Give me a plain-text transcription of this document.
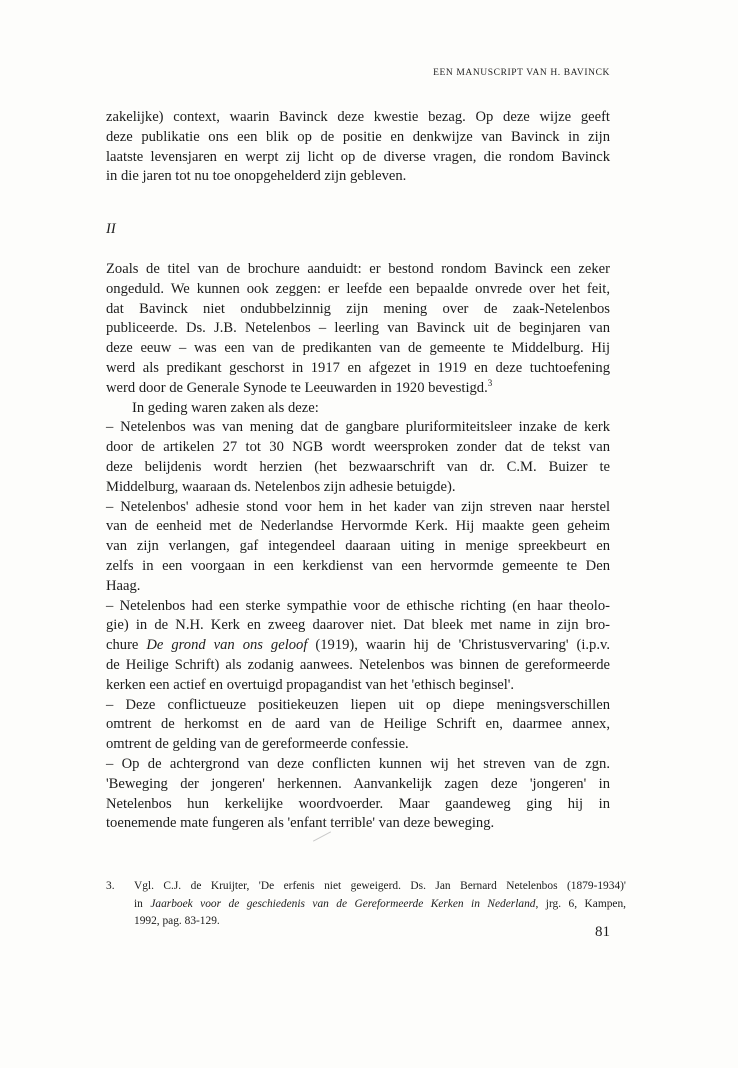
EEN MANUSCRIPT VAN H. BAVINCK
zakelijke) context, waarin Bavinck deze kwestie bezag. Op deze wijze geeft
deze publikatie ons een blik op de positie en denkwijze van Bavinck in zijn
laatste levensjaren en werpt zij licht op de diverse vragen, die rondom Bavinck
in die jaren tot nu toe onopgehelderd zijn gebleven.
II

Zoals de titel van de brochure aanduidt: er bestond rondom Bavinck een zeker
ongeduld. We kunnen ook zeggen: er leefde een bepaalde onvrede over het feit,
dat Bavinck niet ondubbelzinnig zijn mening over de zaak-Netelenbos
publiceerde. Ds. J.B. Netelenbos – leerling van Bavinck uit de beginjaren van
deze eeuw – was een van de predikanten van de gemeente te Middelburg. Hij
werd als predikant geschorst in 1917 en afgezet in 1919 en deze tuchtoefening
werd door de Generale Synode te Leeuwarden in 1920 bevestigd.$^3$

In geding waren zaken als deze:

– Netelenbos was van mening dat de gangbare pluriformiteitsleer inzake de kerk
door de artikelen 27 tot 30 NGB wordt weersproken zonder dat de tekst van
deze belijdenis wordt herzien (het bezwaarschrift van dr. C.M. Buizer te
Middelburg, waaraan ds. Netelenbos zijn adhesie betuigde).

– Netelenbos' adhesie stond voor hem in het kader van zijn streven naar herstel
van de eenheid met de Nederlandse Hervormde Kerk. Hij maakte geen geheim
van zijn verlangen, gaf integendeel daaraan uiting in menige spreekbeurt en
zelfs in een voorgaan in een kerkdienst van een hervormde gemeente te Den
Haag.

– Netelenbos had een sterke sympathie voor de ethische richting (en haar theolo-
gie) in de N.H. Kerk en zweeg daarover niet. Dat bleek met name in zijn bro-
chure De grond van ons geloof (1919), waarin hij de 'Christusvervaring' (i.p.v.
de Heilige Schrift) als zodanig aanwees. Netelenbos was binnen de gereformeerde
kerken een actief en overtuigd propagandist van het 'ethisch beginsel'.

– Deze conflictueuze positiekeuzen liepen uit op diepe meningsverschillen
omtrent de herkomst en de aard van de Heilige Schrift en, daarmee annex,
omtrent de gelding van de gereformeerde confessie.

– Op de achtergrond van deze conflicten kunnen wij het streven van de zgn.
'Beweging der jongeren' herkennen. Aanvankelijk zagen deze 'jongeren' in
Netelenbos hun kerkelijke woordvoerder. Maar gaandeweg ging hij in
toenemende mate fungeren als 'enfant terrible' van deze beweging.

3. Vgl. C.J. de Kruijter, 'De erfenis niet geweigerd. Ds. Jan Bernard Netelenbos (1879-1934)'
in Jaarboek voor de geschiedenis van de Gereformeerde Kerken in Nederland, jrg. 6, Kampen,
1992, pag. 83-129.
81
